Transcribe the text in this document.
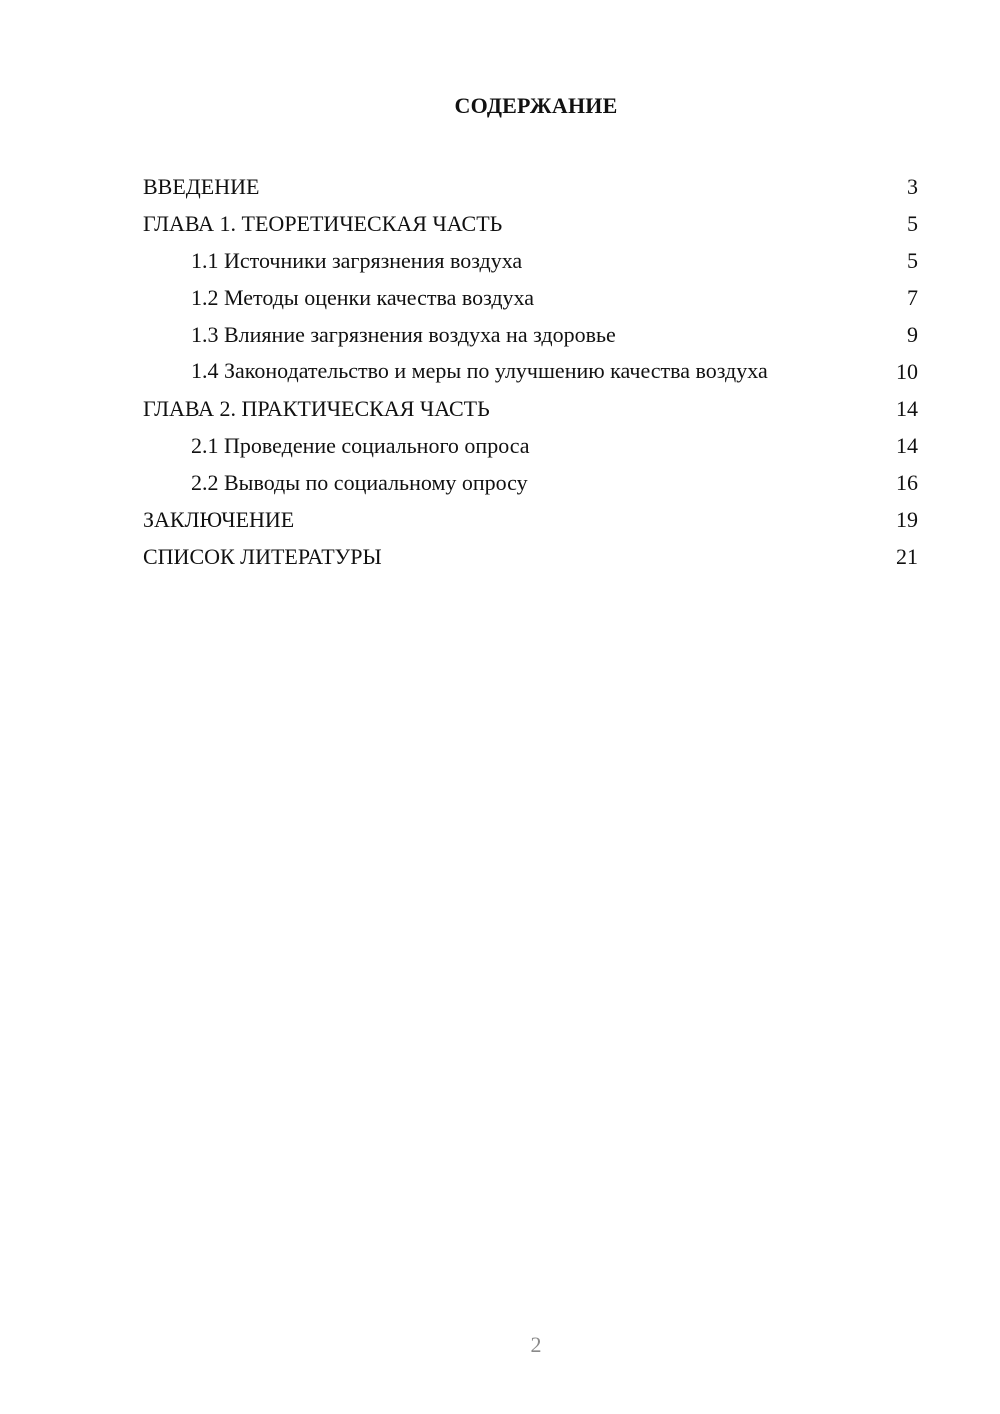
СОДЕРЖАНИЕ
ВВЕДЕНИЕ	3
ГЛАВА 1. ТЕОРЕТИЧЕСКАЯ ЧАСТЬ	5
1.1 Источники загрязнения воздуха	5
1.2 Методы оценки качества воздуха	7
1.3 Влияние загрязнения воздуха на здоровье	9
1.4 Законодательство и меры по улучшению качества воздуха	10
ГЛАВА 2. ПРАКТИЧЕСКАЯ ЧАСТЬ	14
2.1 Проведение социального опроса	14
2.2 Выводы по социальному опросу	16
ЗАКЛЮЧЕНИЕ	19
СПИСОК ЛИТЕРАТУРЫ	21
2
